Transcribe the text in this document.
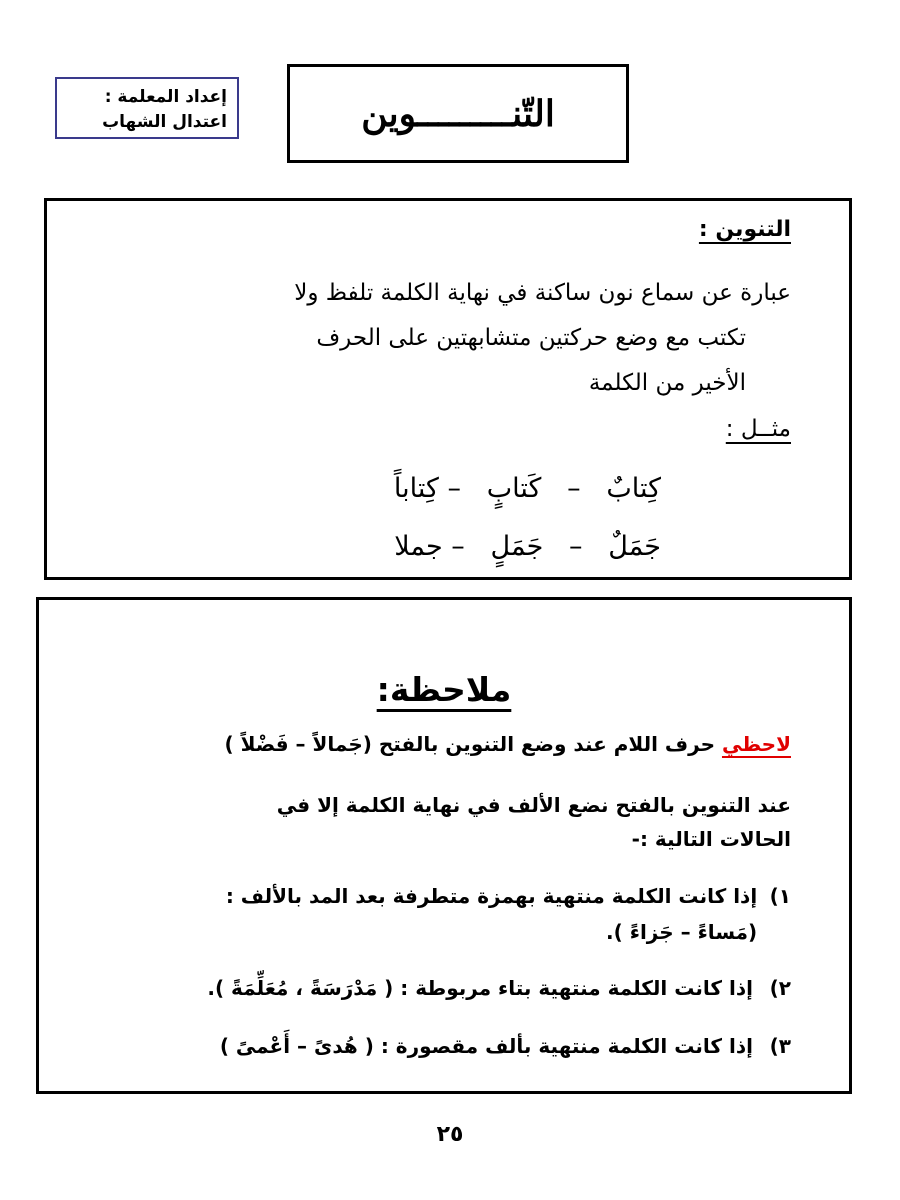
إعداد المعلمة :
اعتدال الشهاب	التّنـــــــــوين
التنوين :
عبارة عن سماع نون ساكنة في نهاية الكلمة تلفظ ولا
تكتب مع وضع حركتين متشابهتين على الحرف
الأخير من الكلمة
مثــل :
كِتابٌ   –   كَتابٍ   – كِتاباً
جَمَلٌ   –   جَمَلٍ   – جملا
ملاحظة:
لاحظي حرف اللام عند وضع التنوين بالفتح (جَمالاً – فَضْلاً )
عند التنوين بالفتح نضع الألف في نهاية الكلمة إلا في الحالات التالية :-
١)
إذا كانت الكلمة منتهية بهمزة متطرفة بعد المد بالألف : (مَساءً – جَزاءً ).
٢)
إذا كانت الكلمة منتهية بتاء مربوطة : ( مَدْرَسَةً ، مُعَلِّمَةً ).
٣)
إذا كانت الكلمة منتهية بألف مقصورة : ( هُدىً – أَعْمىً )
٢٥
